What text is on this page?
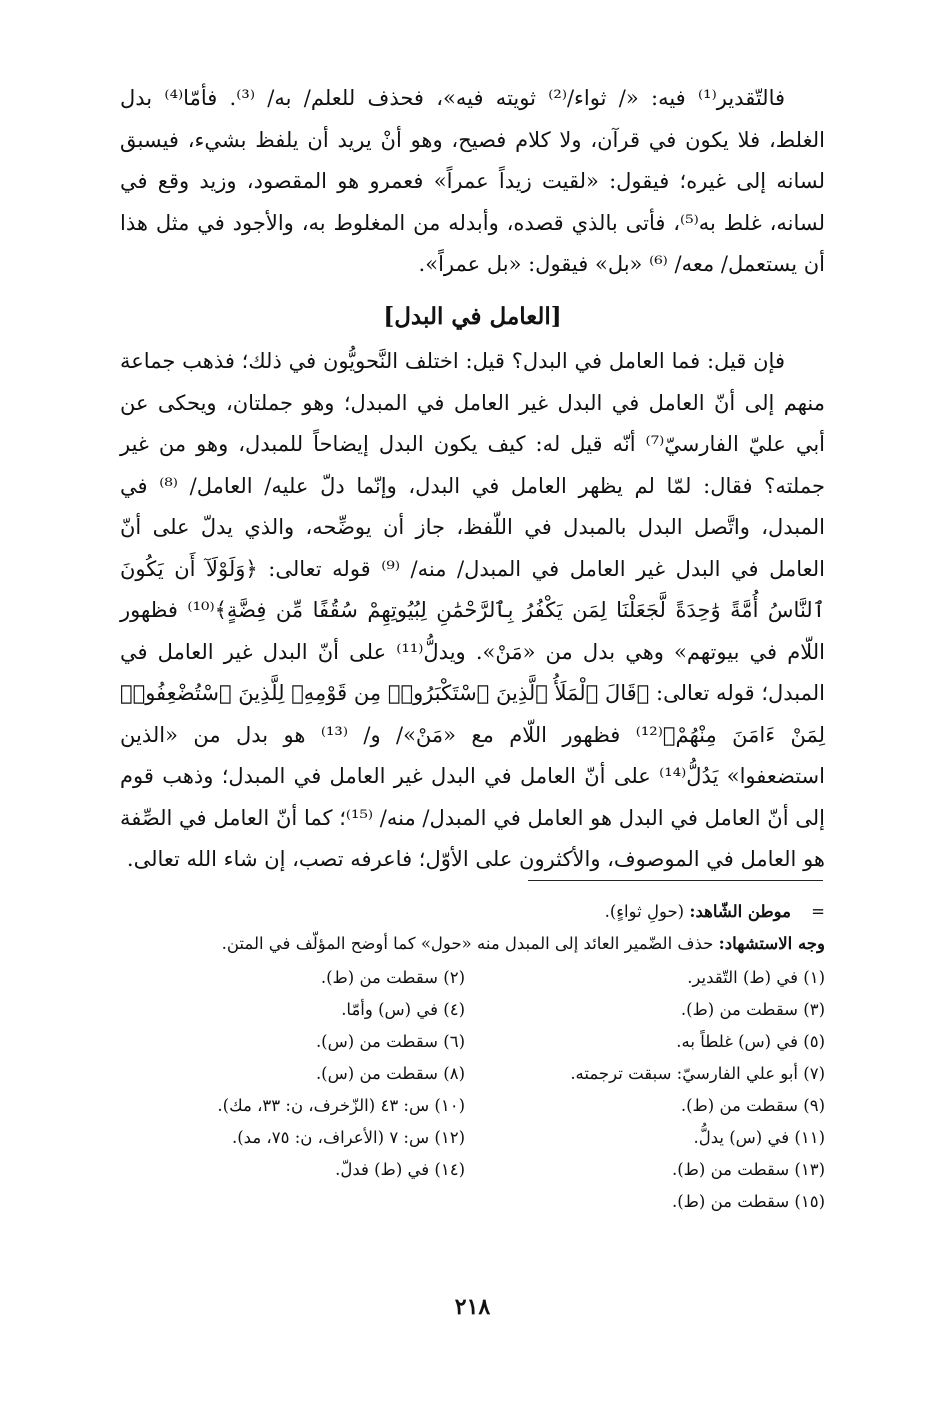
فالتّقدير⁽¹⁾ فيه: «/ ثواء/⁽²⁾ ثويته فيه»، فحذف للعلم/ به/ ⁽³⁾. فأمّا⁽⁴⁾ بدل الغلط، فلا يكون في قرآن، ولا كلام فصيح، وهو أنْ يريد أن يلفظ بشيء، فيسبق لسانه إلى غيره؛ فيقول: «لقيت زيداً عمراً» فعمرو هو المقصود، وزيد وقع في لسانه، غلط به⁽⁵⁾، فأتى بالذي قصده، وأبدله من المغلوط به، والأجود في مثل هذا أن يستعمل/ معه/ ⁽⁶⁾ «بل» فيقول: «بل عمراً».

[العامل في البدل]

فإن قيل: فما العامل في البدل؟ قيل: اختلف النَّحويُّون في ذلك؛ فذهب جماعة منهم إلى أنّ العامل في البدل غير العامل في المبدل؛ وهو جملتان، ويحكى عن أبي عليّ الفارسيّ⁽⁷⁾ أنّه قيل له: كيف يكون البدل إيضاحاً للمبدل، وهو من غير جملته؟ فقال: لمّا لم يظهر العامل في البدل، وإنّما دلّ عليه/ العامل/ ⁽⁸⁾ في المبدل، واتَّصل البدل بالمبدل في اللّفظ، جاز أن يوضِّحه، والذي يدلّ على أنّ العامل في البدل غير العامل في المبدل/ منه/ ⁽⁹⁾ قوله تعالى: ﴿وَلَوْلَآ أَن يَكُونَ ٱلنَّاسُ أُمَّةً وَٰحِدَةً لَّجَعَلْنَا لِمَن يَكْفُرُ بِٱلرَّحْمَٰنِ لِبُيُوتِهِمْ سُقُفًا مِّن فِضَّةٍ﴾⁽¹⁰⁾ فظهور اللّام في بيوتهم» وهي بدل من «مَنْ». ويدلُّ⁽¹¹⁾ على أنّ البدل غير العامل في المبدل؛ قوله تعالى: ﴿قَالَ ٱلْمَلَأُ ٱلَّذِينَ ٱسْتَكْبَرُوا۟ مِن قَوْمِهِۦ لِلَّذِينَ ٱسْتُضْعِفُوا۟ لِمَنْ ءَامَنَ مِنْهُمْ﴾⁽¹²⁾ فظهور اللّام مع «مَنْ»/ و/ ⁽¹³⁾ هو بدل من «الذين استضعفوا» يَدُلُّ⁽¹⁴⁾ على أنّ العامل في البدل غير العامل في المبدل؛ وذهب قوم إلى أنّ العامل في البدل هو العامل في المبدل/ منه/ ⁽¹⁵⁾؛ كما أنّ العامل في الصِّفة هو العامل في الموصوف، والأكثرون على الأوّل؛ فاعرفه تصب، إن شاء الله تعالى.

=موطن الشّاهد: (حولِ ثواءٍ).

وجه الاستشهاد: حذف الضّمير العائد إلى المبدل منه «حول» كما أوضح المؤلّف في المتن.

(١) في (ط) التّقدير.
(٢) سقطت من (ط).
(٣) سقطت من (ط).
(٤) في (س) وأمّا.
(٥) في (س) غلطاً به.
(٦) سقطت من (س).
(٧) أبو علي الفارسيّ: سبقت ترجمته.
(٨) سقطت من (س).
(٩) سقطت من (ط).
(١٠) س: ٤٣ (الزّخرف، ن: ٣٣، مك).
(١١) في (س) يدلُّ.
(١٢) س: ٧ (الأعراف، ن: ٧٥، مد).
(١٣) سقطت من (ط).
(١٤) في (ط) فدلّ.
(١٥) سقطت من (ط).
٢١٨
